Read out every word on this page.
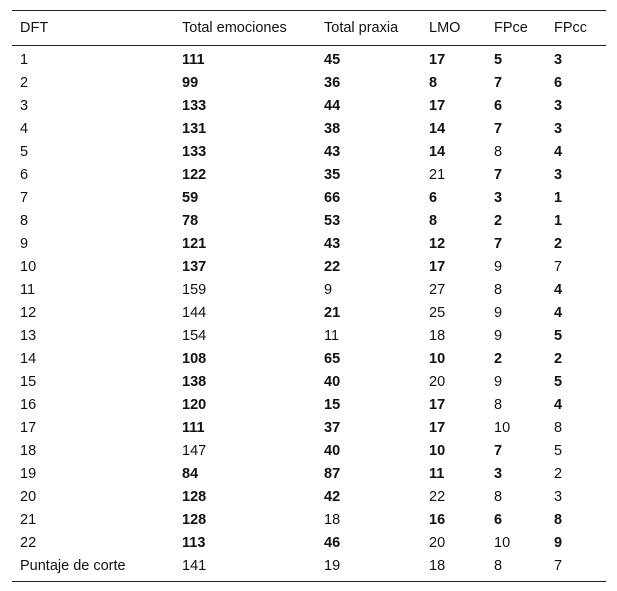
DFT	Total emociones	Total praxia	LMO	FPce	FPcc
1	111	45	17	5	3
2	99	36	8	7	6
3	133	44	17	6	3
4	131	38	14	7	3
5	133	43	14	8	4
6	122	35	21	7	3
7	59	66	6	3	1
8	78	53	8	2	1
9	121	43	12	7	2
10	137	22	17	9	7
11	159	9	27	8	4
12	144	21	25	9	4
13	154	11	18	9	5
14	108	65	10	2	2
15	138	40	20	9	5
16	120	15	17	8	4
17	111	37	17	10	8
18	147	40	10	7	5
19	84	87	11	3	2
20	128	42	22	8	3
21	128	18	16	6	8
22	113	46	20	10	9
Puntaje de corte	141	19	18	8	7
